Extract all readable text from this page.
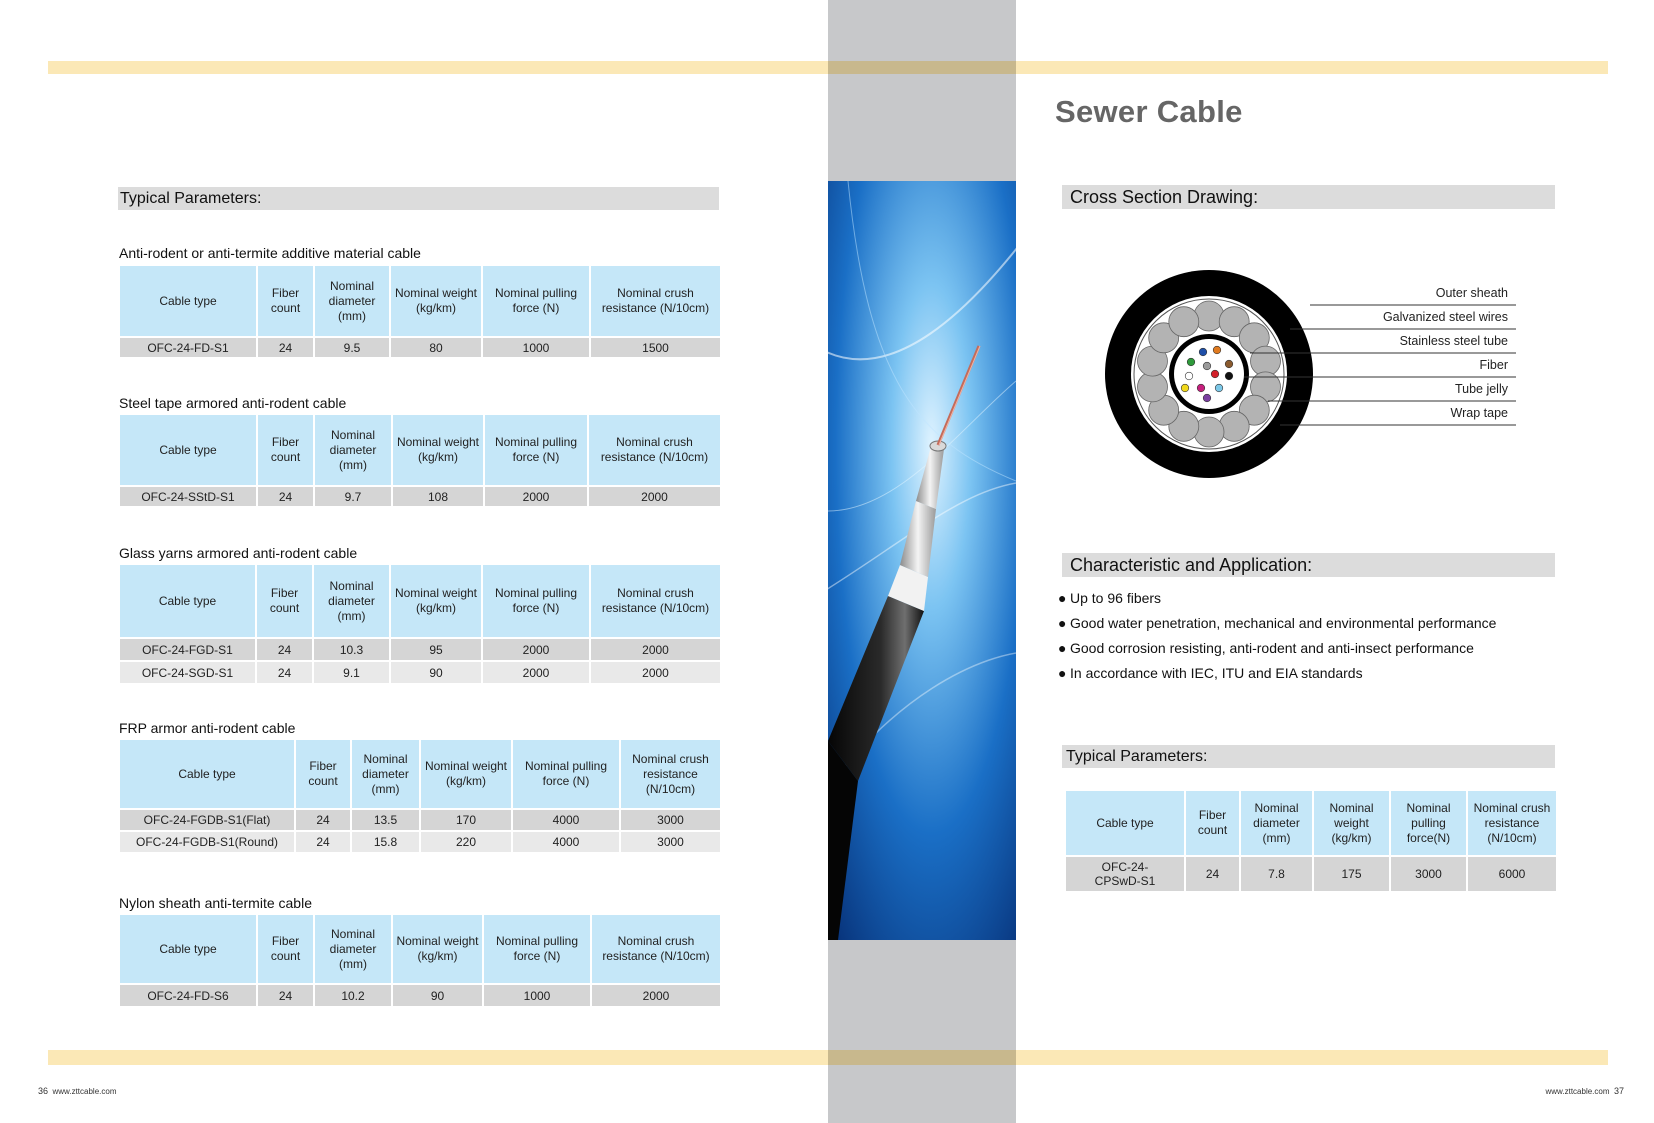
Typical Parameters:
Anti-rodent or anti-termite additive material cable
Cable type	Fiber count	Nominal diameter (mm)	Nominal weight (kg/km)	Nominal pulling force (N)	Nominal crush resistance (N/10cm)
OFC-24-FD-S1	24	9.5	80	1000	1500
Steel tape armored anti-rodent cable
Cable type	Fiber count	Nominal diameter (mm)	Nominal weight (kg/km)	Nominal pulling force (N)	Nominal crush resistance (N/10cm)
OFC-24-SStD-S1	24	9.7	108	2000	2000
Glass yarns armored anti-rodent cable
Cable type	Fiber count	Nominal diameter (mm)	Nominal weight (kg/km)	Nominal pulling force (N)	Nominal crush resistance (N/10cm)
OFC-24-FGD-S1	24	10.3	95	2000	2000
OFC-24-SGD-S1	24	9.1	90	2000	2000
FRP armor anti-rodent cable
Cable type	Fiber count	Nominal diameter (mm)	Nominal weight (kg/km)	Nominal pulling force (N)	Nominal crush resistance (N/10cm)
OFC-24-FGDB-S1(Flat)	24	13.5	170	4000	3000
OFC-24-FGDB-S1(Round)	24	15.8	220	4000	3000
Nylon sheath anti-termite cable
Cable type	Fiber count	Nominal diameter (mm)	Nominal weight (kg/km)	Nominal pulling force (N)	Nominal crush resistance (N/10cm)
OFC-24-FD-S6	24	10.2	90	1000	2000
36 www.zttcable.com
Sewer Cable
Cross Section Drawing:
Outer sheath
Galvanized steel wires
Stainless steel tube
Fiber
Tube jelly
Wrap tape
Characteristic and Application:
● Up to 96 fibers
● Good water penetration, mechanical and environmental performance
● Good corrosion resisting, anti-rodent and anti-insect performance
● In accordance with IEC, ITU and EIA standards
Typical Parameters:
Cable type	Fiber count	Nominal diameter (mm)	Nominal weight (kg/km)	Nominal pulling force(N)	Nominal crush resistance (N/10cm)
OFC-24-CPSwD-S1	24	7.8	175	3000	6000
www.zttcable.com 37
